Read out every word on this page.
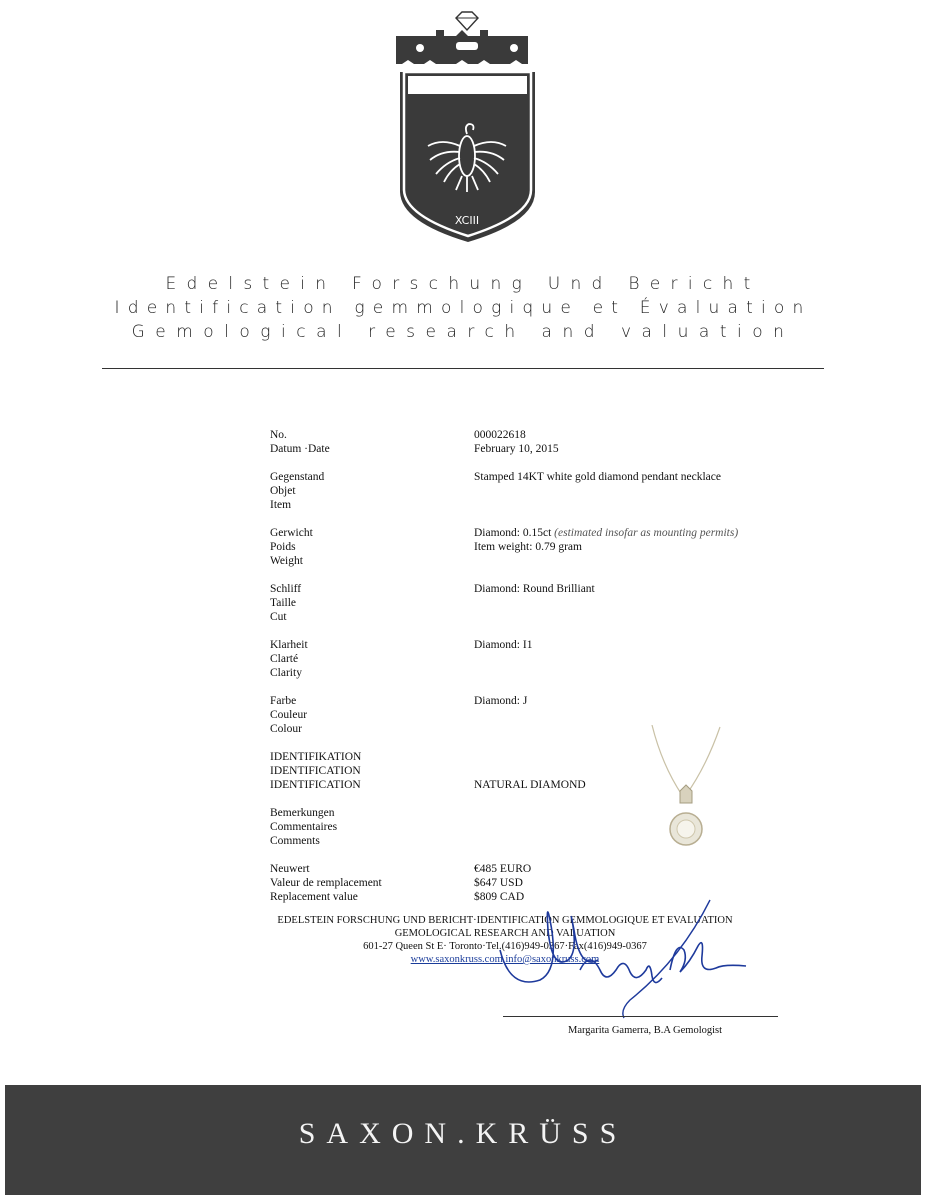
XCIII
Edelstein Forschung Und Bericht
Identification gemmologique et Évaluation
Gemological research and valuation
No.
Datum ·Date
000022618
February 10, 2015
Gegenstand
Objet
Item
Stamped 14KT white gold diamond pendant necklace
Gerwicht
Poids
Weight
Diamond: 0.15ct (estimated insofar as mounting permits)
Item weight: 0.79 gram
Schliff
Taille
Cut
Diamond: Round Brilliant
Klarheit
Clarté
Clarity
Diamond: I1
Farbe
Couleur
Colour
Diamond: J
IDENTIFIKATION
IDENTIFICATION
IDENTIFICATION	NATURAL DIAMOND
Bemerkungen
Commentaires
Comments
Neuwert
Valeur de remplacement
Replacement value
€485 EURO
$647 USD
$809 CAD
EDELSTEIN FORSCHUNG UND BERICHT·IDENTIFICATION GEMMOLOGIQUE ET EVALUATION
GEMOLOGICAL RESEARCH AND VALUATION
601-27 Queen St E· Toronto·Tel.(416)949-0367·Fax(416)949-0367
www.saxonkruss.com info@saxonkruss.com
Margarita Gamerra, B.A Gemologist
SAXON.KRÜSS
